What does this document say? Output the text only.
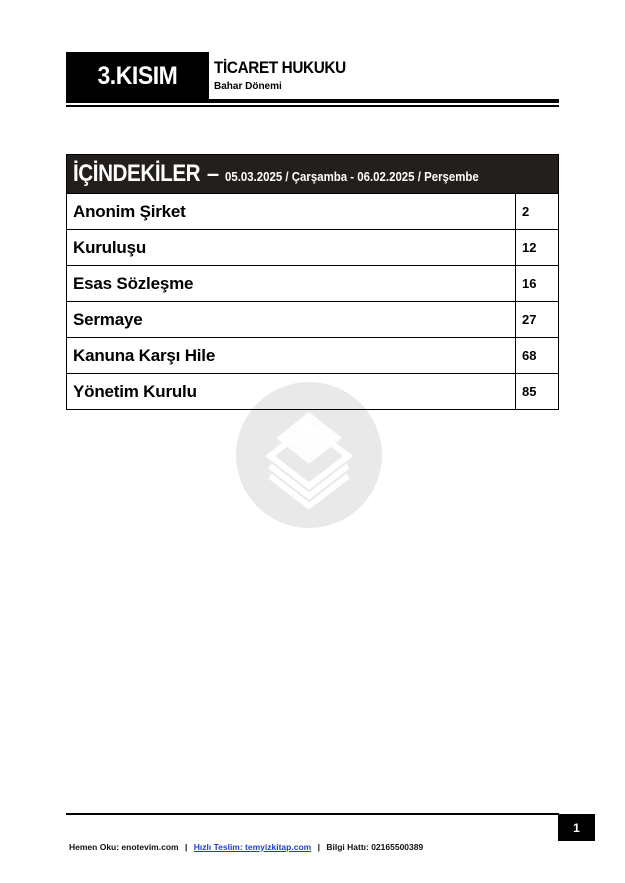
3.KISIM TİCARET HUKUKU
Bahar Dönemi
İÇİNDEKİLER – 05.03.2025 / Çarşamba - 06.02.2025 / Perşembe
Anonim Şirket	2
Kuruluşu	12
Esas Sözleşme	16
Sermaye	27
Kanuna Karşı Hile	68
Yönetim Kurulu	85
1
Hemen Oku: enotevim.com | Hızlı Teslim: temyizkitap.com | Bilgi Hattı: 02165500389
